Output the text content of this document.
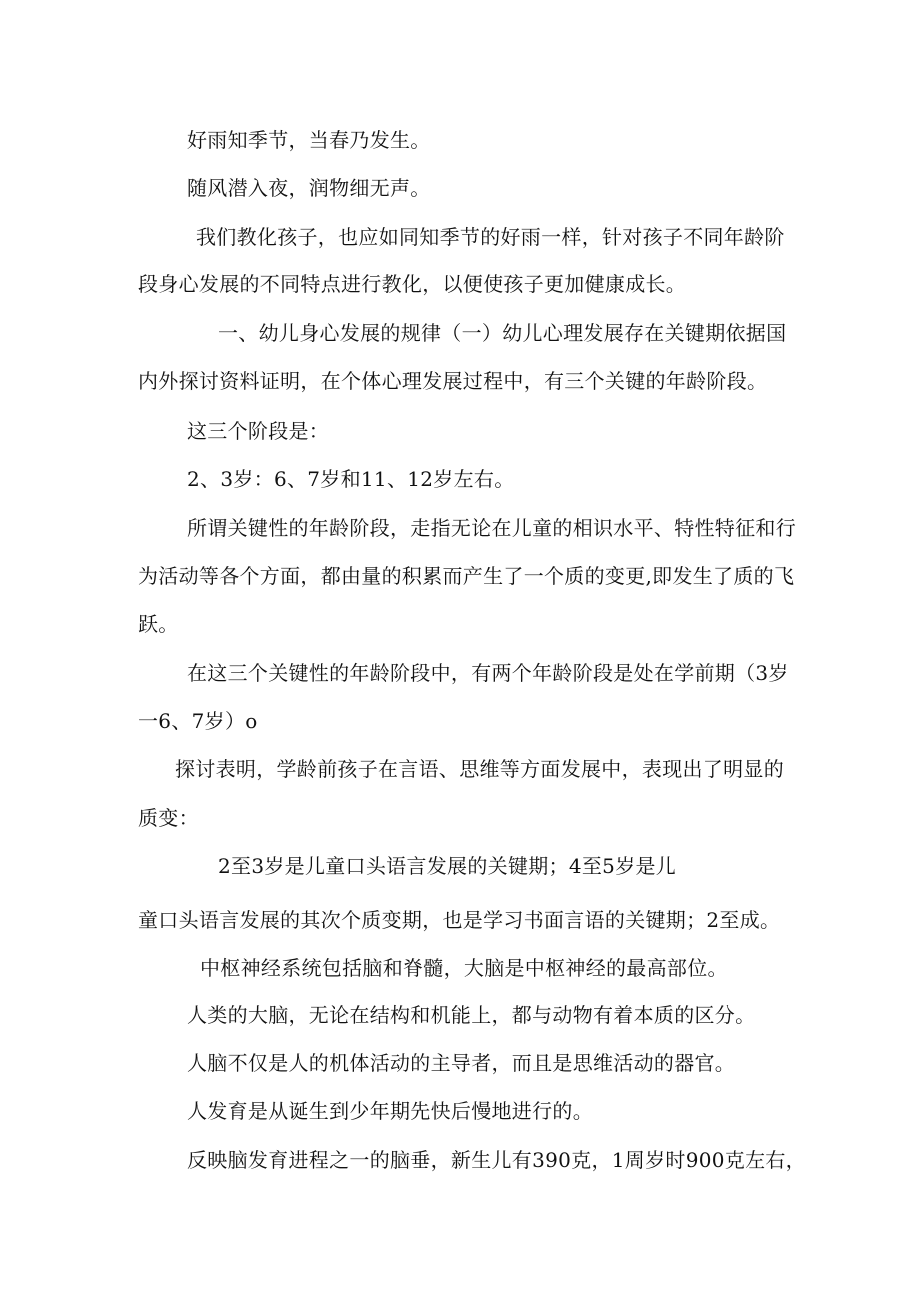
好雨知季节，当春乃发生。
随风潜入夜，润物细无声。
我们教化孩子，也应如同知季节的好雨一样，针对孩子不同年龄阶
段身心发展的不同特点进行教化，以便使孩子更加健康成长。
一、幼儿身心发展的规律（一）幼儿心理发展存在关键期依据国
内外探讨资料证明，在个体心理发展过程中，有三个关键的年龄阶段。
这三个阶段是：
2、3岁：6、7岁和11、12岁左右。
所谓关键性的年龄阶段，走指无论在儿童的相识水平、特性特征和行
为活动等各个方面，都由量的积累而产生了一个质的变更,即发生了质的飞
跃。
在这三个关键性的年龄阶段中，有两个年龄阶段是处在学前期（3岁
一6、7岁）o
探讨表明，学龄前孩子在言语、思维等方面发展中，表现出了明显的
质变：
2至3岁是儿童口头语言发展的关键期；4至5岁是儿
童口头语言发展的其次个质变期，也是学习书面言语的关键期；2至成。
中枢神经系统包括脑和脊髓，大脑是中枢神经的最高部位。
人类的大脑，无论在结构和机能上，都与动物有着本质的区分。
人脑不仅是人的机体活动的主导者，而且是思维活动的器官。
人发育是从诞生到少年期先快后慢地进行的。
反映脑发育进程之一的脑垂，新生儿有390克，1周岁时900克左右，
